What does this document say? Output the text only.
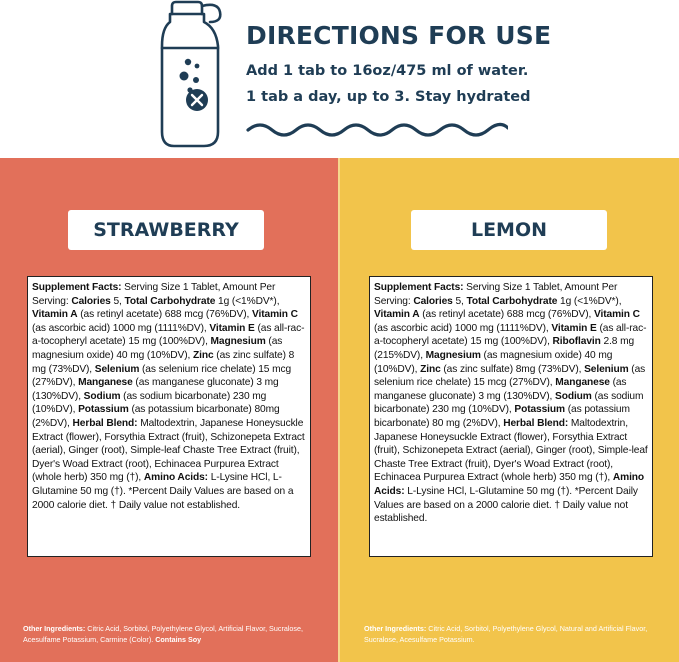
DIRECTIONS FOR USE
Add 1 tab to 16oz/475 ml of water.
1 tab a day, up to 3. Stay hydrated
STRAWBERRY
Supplement Facts: Serving Size 1 Tablet, Amount Per Serving: Calories 5, Total Carbohydrate 1g (<1%DV*), Vitamin A (as retinyl acetate) 688 mcg (76%DV), Vitamin C (as ascorbic acid) 1000 mg (1111%DV), Vitamin E (as all-rac-a-tocopheryl acetate) 15 mg (100%DV), Magnesium (as magnesium oxide) 40 mg (10%DV), Zinc (as zinc sulfate) 8 mg (73%DV), Selenium (as selenium rice chelate) 15 mcg (27%DV), Manganese (as manganese gluconate) 3 mg (130%DV), Sodium (as sodium bicarbonate) 230 mg (10%DV), Potassium (as potassium bicarbonate) 80mg (2%DV), Herbal Blend: Maltodextrin, Japanese Honeysuckle Extract (flower), Forsythia Extract (fruit), Schizonepeta Extract (aerial), Ginger (root), Simple-leaf Chaste Tree Extract (fruit), Dyer's Woad Extract (root), Echinacea Purpurea Extract (whole herb) 350 mg (†), Amino Acids: L-Lysine HCl, L-Glutamine 50 mg (†). *Percent Daily Values are based on a 2000 calorie diet. † Daily value not established.
Other Ingredients: Citric Acid, Sorbitol, Polyethylene Glycol, Artificial Flavor, Sucralose, Acesulfame Potassium, Carmine (Color). Contains Soy
LEMON
Supplement Facts: Serving Size 1 Tablet, Amount Per Serving: Calories 5, Total Carbohydrate 1g (<1%DV*), Vitamin A (as retinyl acetate) 688 mcg (76%DV), Vitamin C (as ascorbic acid) 1000 mg (1111%DV), Vitamin E (as all-rac-a-tocopheryl acetate) 15 mg (100%DV), Riboflavin 2.8 mg (215%DV), Magnesium (as magnesium oxide) 40 mg (10%DV), Zinc (as zinc sulfate) 8mg (73%DV), Selenium (as selenium rice chelate) 15 mcg (27%DV), Manganese (as manganese gluconate) 3 mg (130%DV), Sodium (as sodium bicarbonate) 230 mg (10%DV), Potassium (as potassium bicarbonate) 80 mg (2%DV), Herbal Blend: Maltodextrin, Japanese Honeysuckle Extract (flower), Forsythia Extract (fruit), Schizonepeta Extract (aerial), Ginger (root), Simple-leaf Chaste Tree Extract (fruit), Dyer's Woad Extract (root), Echinacea Purpurea Extract (whole herb) 350 mg (†), Amino Acids: L-Lysine HCl, L-Glutamine 50 mg (†). *Percent Daily Values are based on a 2000 calorie diet. † Daily value not established.
Other Ingredients: Citric Acid, Sorbitol, Polyethylene Glycol, Natural and Artificial Flavor, Sucralose, Acesulfame Potassium.
